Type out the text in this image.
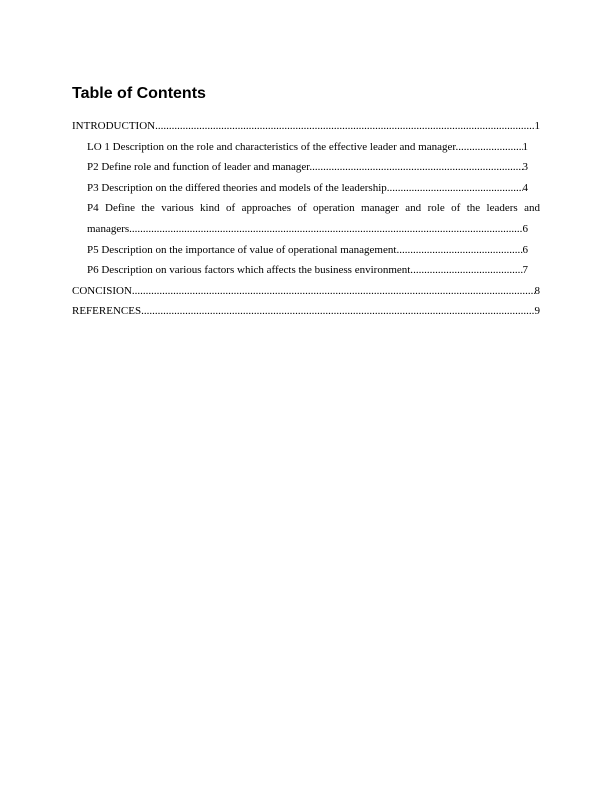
Table of Contents
INTRODUCTION .....	1
LO 1 Description on the role and characteristics of the effective leader and manager. .....	1
P2 Define role and function of leader and manager. .....	3
P3 Description on the differed theories and models of the leadership. .....	4
P4 Define the various kind of approaches of operation manager and role of the leaders and
managers. .....	6
P5 Description on the importance of value of operational management .....	6
P6 Description on various factors which affects the business environment. .....	7
CONCISION .....	8
REFERENCES .....	9
